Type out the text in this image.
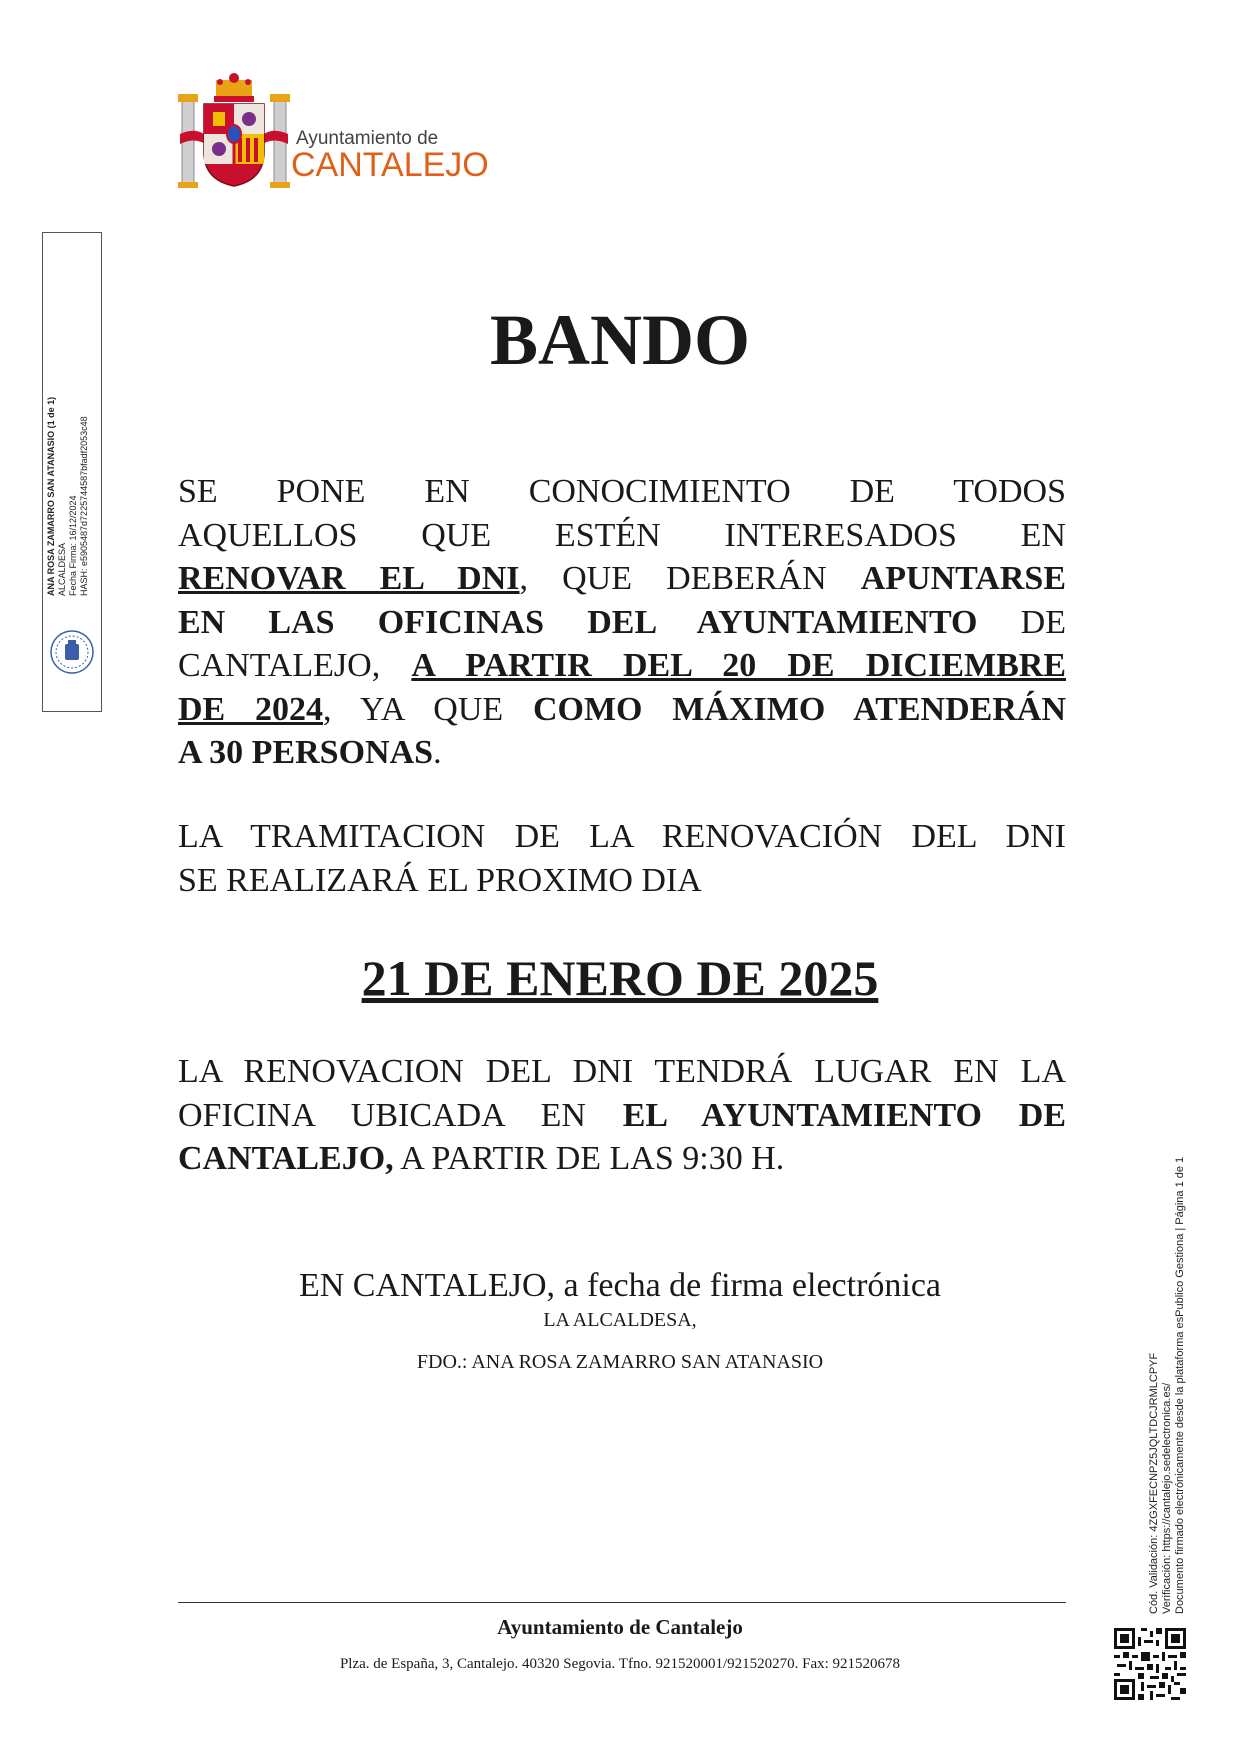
Ayuntamiento de
CANTALEJO
ANA ROSA ZAMARRO SAN ATANASIO (1 de 1) ALCALDESA Fecha Firma: 16/12/2024 HASH: e5905487d7225744587bfadf2053c48
BANDO
SE PONE EN CONOCIMIENTO DE TODOS
AQUELLOS QUE ESTÉN INTERESADOS EN
RENOVAR EL DNI, QUE DEBERÁN APUNTARSE
EN LAS OFICINAS DEL AYUNTAMIENTO DE
CANTALEJO, A PARTIR DEL 20 DE DICIEMBRE
DE 2024, YA QUE COMO MÁXIMO ATENDERÁN
A 30 PERSONAS.
LA TRAMITACION DE LA RENOVACIÓN DEL DNI
SE REALIZARÁ EL PROXIMO DIA
21 DE ENERO DE 2025
LA RENOVACION DEL DNI TENDRÁ LUGAR EN LA
OFICINA UBICADA EN EL AYUNTAMIENTO DE
CANTALEJO, A PARTIR DE LAS 9:30 H.
EN CANTALEJO, a fecha de firma electrónica
LA ALCALDESA,
FDO.: ANA ROSA ZAMARRO SAN ATANASIO
Ayuntamiento de Cantalejo
Plza. de España, 3, Cantalejo. 40320 Segovia. Tfno. 921520001/921520270. Fax: 921520678
Cód. Validación: 4ZGXFECNPZ5JQLTDCJRMLCPYF Verificación: https://cantalejo.sedelectronica.es/ Documento firmado electrónicamente desde la plataforma esPublico Gestiona | Página 1 de 1
